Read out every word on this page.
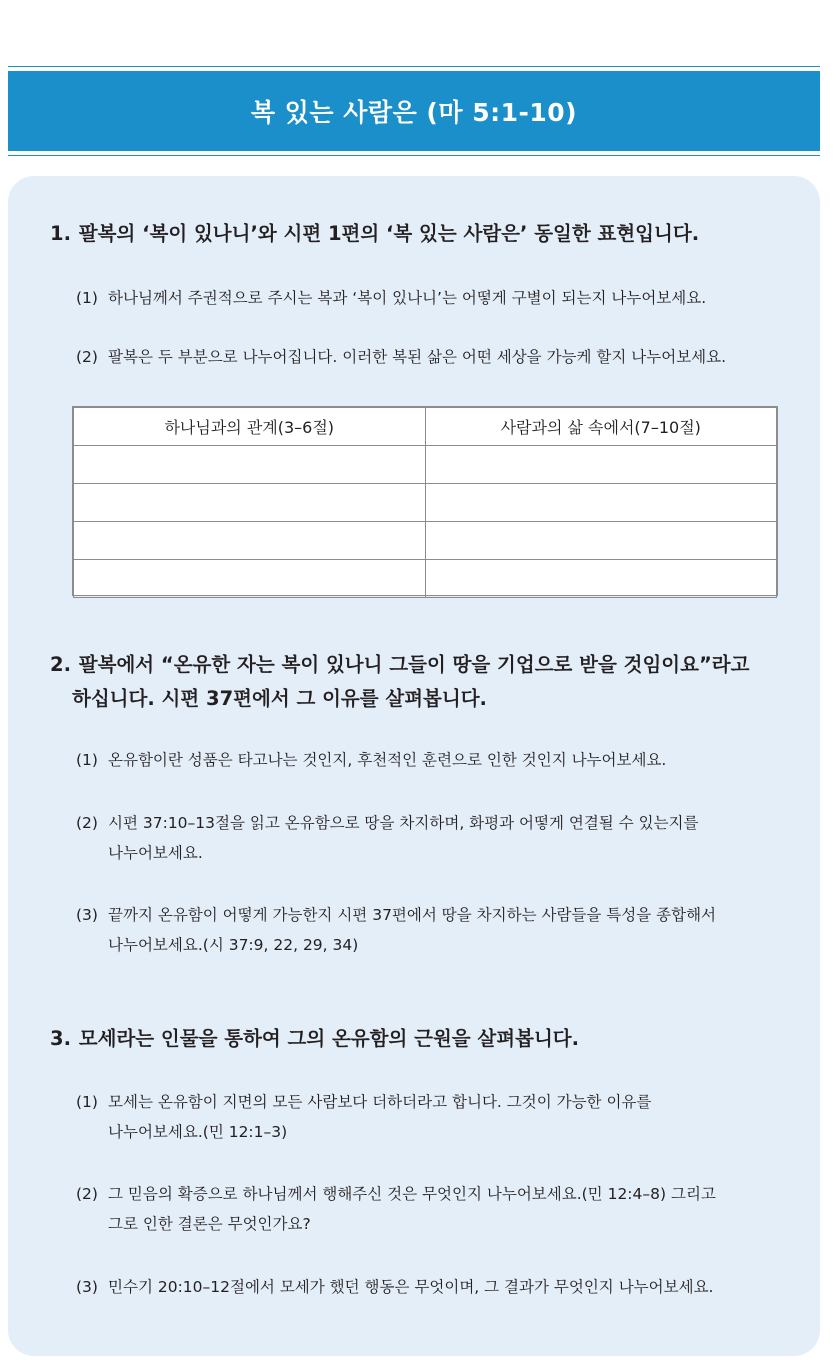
복 있는 사람은 (마 5:1-10)
1. 팔복의 ‘복이 있나니’와 시편 1편의 ‘복 있는 사람은’ 동일한 표현입니다.
(1) 하나님께서 주권적으로 주시는 복과 ‘복이 있나니’는 어떻게 구별이 되는지 나누어보세요.
(2) 팔복은 두 부분으로 나누어집니다. 이러한 복된 삶은 어떤 세상을 가능케 할지 나누어보세요.
하나님과의 관계(3–6절)	사람과의 삶 속에서(7–10절)

2. 팔복에서 “온유한 자는 복이 있나니 그들이 땅을 기업으로 받을 것임이요”라고
하십니다. 시편 37편에서 그 이유를 살펴봅니다.
(1) 온유함이란 성품은 타고나는 것인지, 후천적인 훈련으로 인한 것인지 나누어보세요.
(2) 시편 37:10–13절을 읽고 온유함으로 땅을 차지하며, 화평과 어떻게 연결될 수 있는지를
나누어보세요.
(3) 끝까지 온유함이 어떻게 가능한지 시편 37편에서 땅을 차지하는 사람들을 특성을 종합해서
나누어보세요.(시 37:9, 22, 29, 34)
3. 모세라는 인물을 통하여 그의 온유함의 근원을 살펴봅니다.
(1) 모세는 온유함이 지면의 모든 사람보다 더하더라고 합니다. 그것이 가능한 이유를
나누어보세요.(민 12:1–3)
(2) 그 믿음의 확증으로 하나님께서 행해주신 것은 무엇인지 나누어보세요.(민 12:4–8) 그리고
그로 인한 결론은 무엇인가요?
(3) 민수기 20:10–12절에서 모세가 했던 행동은 무엇이며, 그 결과가 무엇인지 나누어보세요.
